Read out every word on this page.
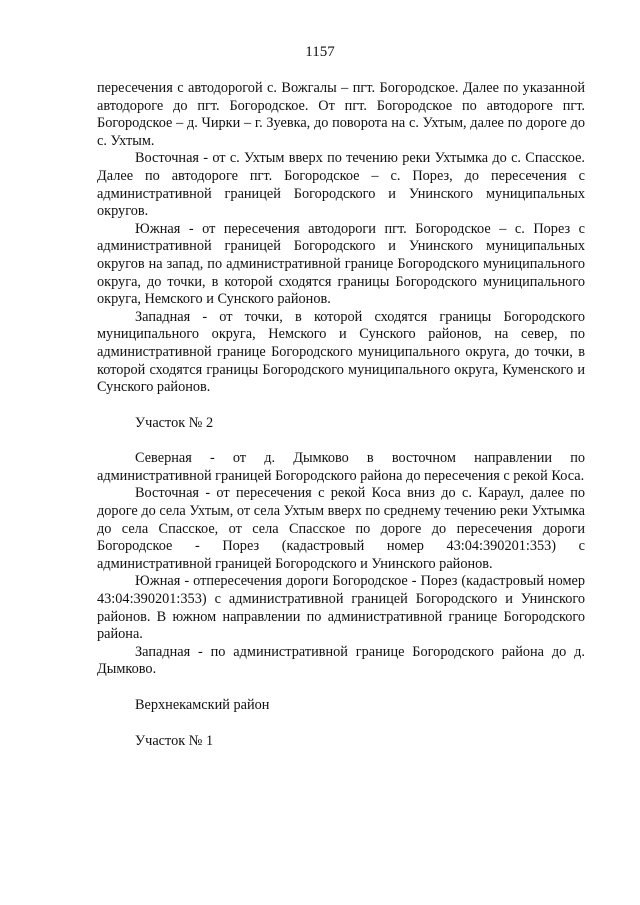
1157

пересечения с автодорогой с. Вожгалы – пгт. Богородское. Далее по указанной автодороге до пгт. Богородское. От пгт. Богородское по автодороге пгт. Богородское – д. Чирки – г. Зуевка, до поворота на с. Ухтым, далее по дороге до с. Ухтым.

Восточная - от с. Ухтым вверх по течению реки Ухтымка до с. Спасское. Далее по автодороге пгт. Богородское – с. Порез, до пересечения с административной границей Богородского и Унинского муниципальных округов.

Южная - от пересечения автодороги пгт. Богородское – с. Порез с административной границей Богородского и Унинского муниципальных округов на запад, по административной границе Богородского муниципального округа, до точки, в которой сходятся границы Богородского муниципального округа, Немского и Сунского районов.

Западная - от точки, в которой сходятся границы Богородского муниципального округа, Немского и Сунского районов, на север, по административной границе Богородского муниципального округа, до точки, в которой сходятся границы Богородского муниципального округа, Куменского и Сунского районов.

Участок № 2

Северная - от д. Дымково в восточном направлении по административной границей Богородского района до пересечения с рекой Коса.

Восточная - от пересечения с рекой Коса вниз до с. Караул, далее по дороге до села Ухтым, от села Ухтым вверх по среднему течению реки Ухтымка до села Спасское, от села Спасское по дороге до пересечения дороги Богородское - Порез (кадастровый номер 43:04:390201:353) с административной границей Богородского и Унинского районов.

Южная - отпересечения дороги Богородское - Порез (кадастровый номер 43:04:390201:353) с административной границей Богородского и Унинского районов. В южном направлении по административной границе Богородского района.

Западная - по административной границе Богородского района до д. Дымково.

Верхнекамский район

Участок № 1
